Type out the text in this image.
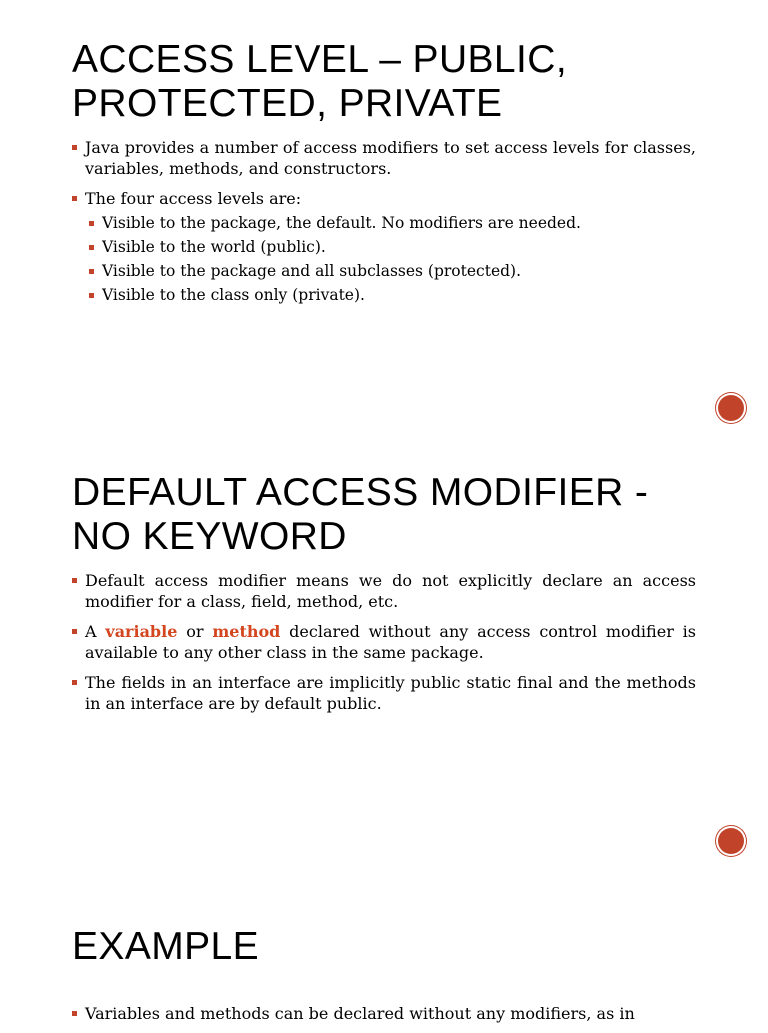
ACCESS LEVEL – PUBLIC,
PROTECTED, PRIVATE
Java provides a number of access modifiers to set access levels for classes, variables, methods, and constructors.
The four access levels are:
Visible to the package, the default. No modifiers are needed.
Visible to the world (public).
Visible to the package and all subclasses (protected).
Visible to the class only (private).
DEFAULT ACCESS MODIFIER -
NO KEYWORD
Default access modifier means we do not explicitly declare an access modifier for a class, field, method, etc.
A variable or method declared without any access control modifier is available to any other class in the same package.
The fields in an interface are implicitly public static final and the methods in an interface are by default public.
EXAMPLE
Variables and methods can be declared without any modifiers, as in
